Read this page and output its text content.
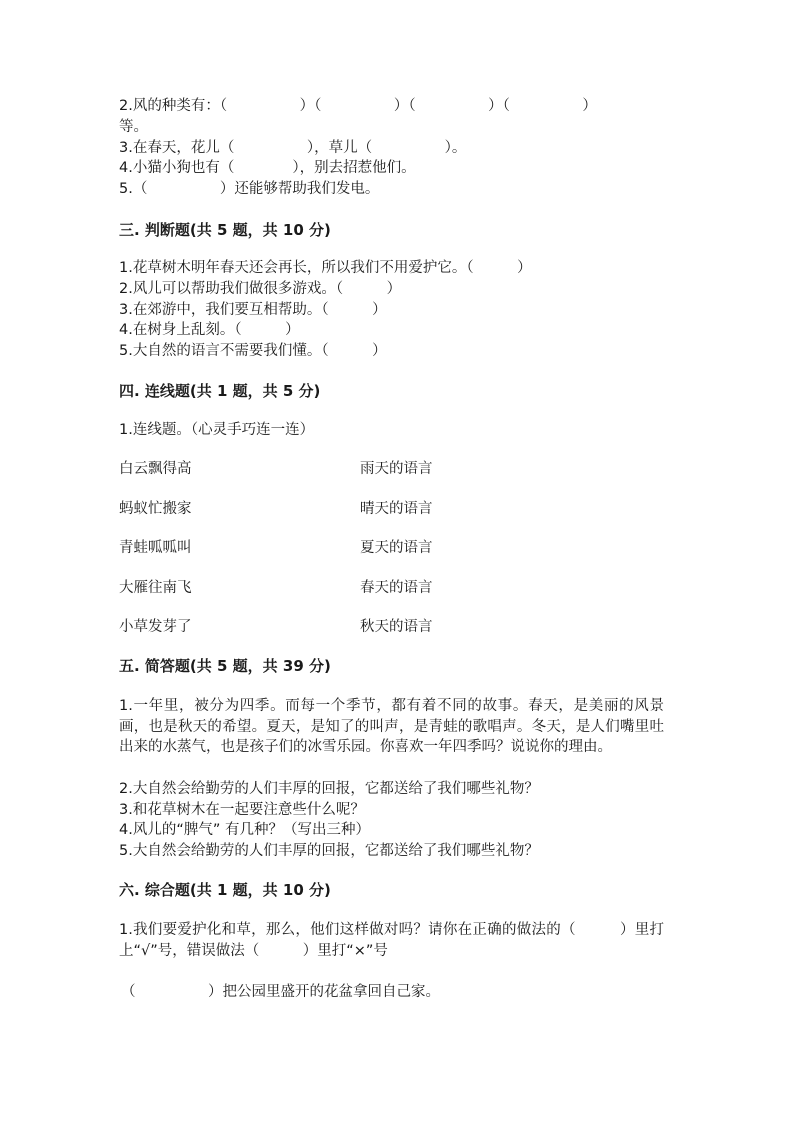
2.风的种类有：（　　　　　）（　　　　　）（　　　　　）（　　　　　）
等。
3.在春天，花儿（　　　　　），草儿（　　　　　）。
4.小猫小狗也有（　　　　），别去招惹他们。
5.（　　　　　）还能够帮助我们发电。
三. 判断题(共 5 题，共 10 分)
1.花草树木明年春天还会再长，所以我们不用爱护它。（　　　）
2.风儿可以帮助我们做很多游戏。（　　　）
3.在郊游中，我们要互相帮助。（　　　）
4.在树身上乱刻。（　　　）
5.大自然的语言不需要我们懂。（　　　）
四. 连线题(共 1 题，共 5 分)
1.连线题。（心灵手巧连一连）
白云飘得高	雨天的语言
蚂蚁忙搬家	晴天的语言
青蛙呱呱叫	夏天的语言
大雁往南飞	春天的语言
小草发芽了	秋天的语言
五. 简答题(共 5 题，共 39 分)
1.一年里，被分为四季。而每一个季节，都有着不同的故事。春天，是美丽的风景画，也是秋天的希望。夏天，是知了的叫声，是青蛙的歌唱声。冬天，是人们嘴里吐出来的水蒸气，也是孩子们的冰雪乐园。你喜欢一年四季吗？说说你的理由。
2.大自然会给勤劳的人们丰厚的回报，它都送给了我们哪些礼物？
3.和花草树木在一起要注意些什么呢？
4.风儿的“脾气” 有几种？（写出三种）
5.大自然会给勤劳的人们丰厚的回报，它都送给了我们哪些礼物？
六. 综合题(共 1 题，共 10 分)
1.我们要爱护化和草，那么，他们这样做对吗？请你在正确的做法的（　　　）里打上“√”号，错误做法（　　　）里打“×”号
（　　　　　）把公园里盛开的花盆拿回自己家。
